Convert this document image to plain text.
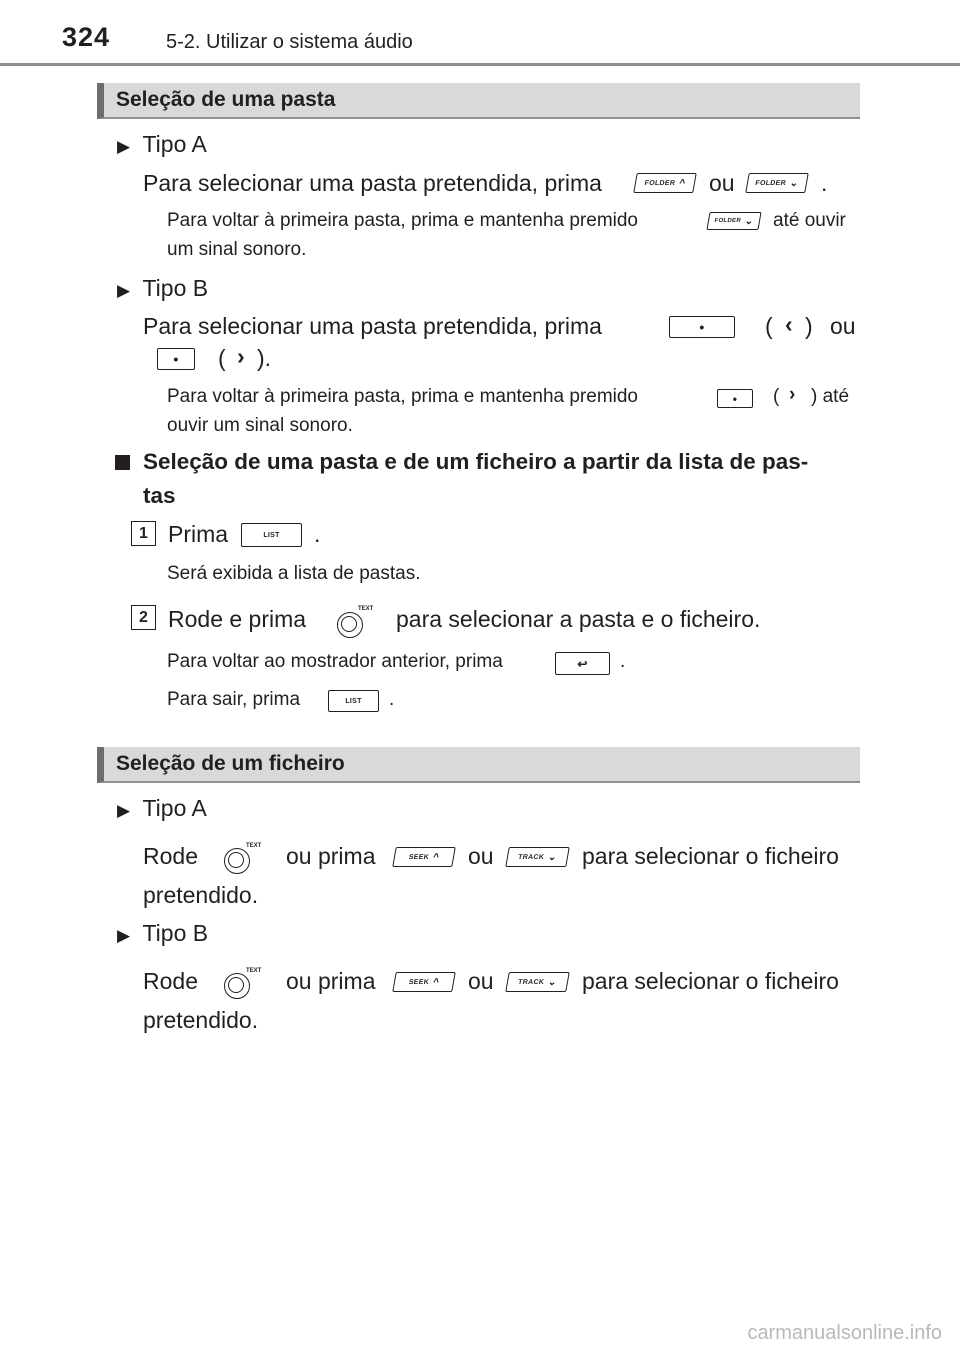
324	5-2. Utilizar o sistema áudio
Seleção de uma pasta
▶ Tipo A
Para selecionar uma pasta pretendida, prima	FOLDER ^ ou	FOLDER ⌄ .
Para voltar à primeira pasta, prima e mantenha premido	FOLDER ⌄ até ouvir
um sinal sonoro.
▶ Tipo B
Para selecionar uma pasta pretendida, prima	•	( ‹ ) ou
• ( › ).
Para voltar à primeira pasta, prima e mantenha premido	• ( › ) até
ouvir um sinal sonoro.
Seleção de uma pasta e de um ficheiro a partir da lista de pas-
tas
1 Prima	LIST .
Será exibida a lista de pastas.
2 Rode e prima	TEXT para selecionar a pasta e o ficheiro.
Para voltar ao mostrador anterior, prima	↩ .
Para sair, prima	LIST .
Seleção de um ficheiro
▶ Tipo A
Rode	TEXT ou prima	SEEK ^ ou	TRACK ⌄ para selecionar o ficheiro
pretendido.
▶ Tipo B
Rode	TEXT ou prima	SEEK ^ ou	TRACK ⌄ para selecionar o ficheiro
pretendido.
carmanualsonline.info
